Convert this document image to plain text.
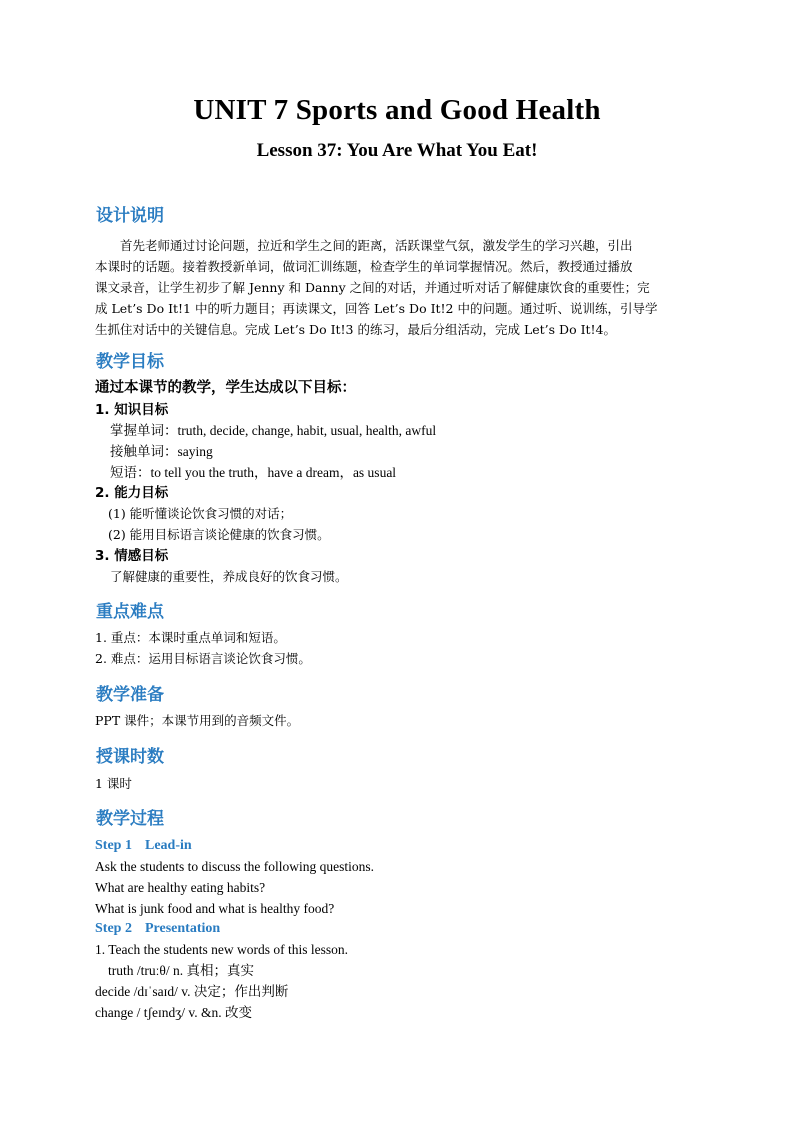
UNIT 7 Sports and Good Health
Lesson 37: You Are What You Eat!
设计说明

首先老师通过讨论问题，拉近和学生之间的距离，活跃课堂气氛，激发学生的学习兴趣，引出

本课时的话题。接着教授新单词，做词汇训练题，检查学生的单词掌握情况。然后，教授通过播放

课文录音，让学生初步了解 Jenny 和 Danny 之间的对话，并通过听对话了解健康饮食的重要性；完

成 Let’s Do It!1 中的听力题目；再读课文，回答 Let’s Do It!2 中的问题。通过听、说训练，引导学

生抓住对话中的关键信息。完成 Let’s Do It!3 的练习，最后分组活动，完成 Let’s Do It!4。

教学目标
通过本课节的教学，学生达成以下目标：
1. 知识目标
掌握单词：truth, decide, change, habit, usual, health, awful
接触单词：saying
短语：to tell you the truth，have a dream，as usual
2. 能力目标
(1) 能听懂谈论饮食习惯的对话；
(2) 能用目标语言谈论健康的饮食习惯。
3. 情感目标
了解健康的重要性，养成良好的饮食习惯。
重点难点
1. 重点：本课时重点单词和短语。
2. 难点：运用目标语言谈论饮食习惯。
教学准备
PPT 课件；本课节用到的音频文件。
授课时数
1 课时
教学过程
Step 1 Lead-in
Ask the students to discuss the following questions.
What are healthy eating habits?
What is junk food and what is healthy food?
Step 2 Presentation
1. Teach the students new words of this lesson.
truth /truːθ/ n. 真相；真实
decide /dɪˈsaɪd/ v. 决定；作出判断
change / tʃeɪndʒ/ v. &n. 改变
